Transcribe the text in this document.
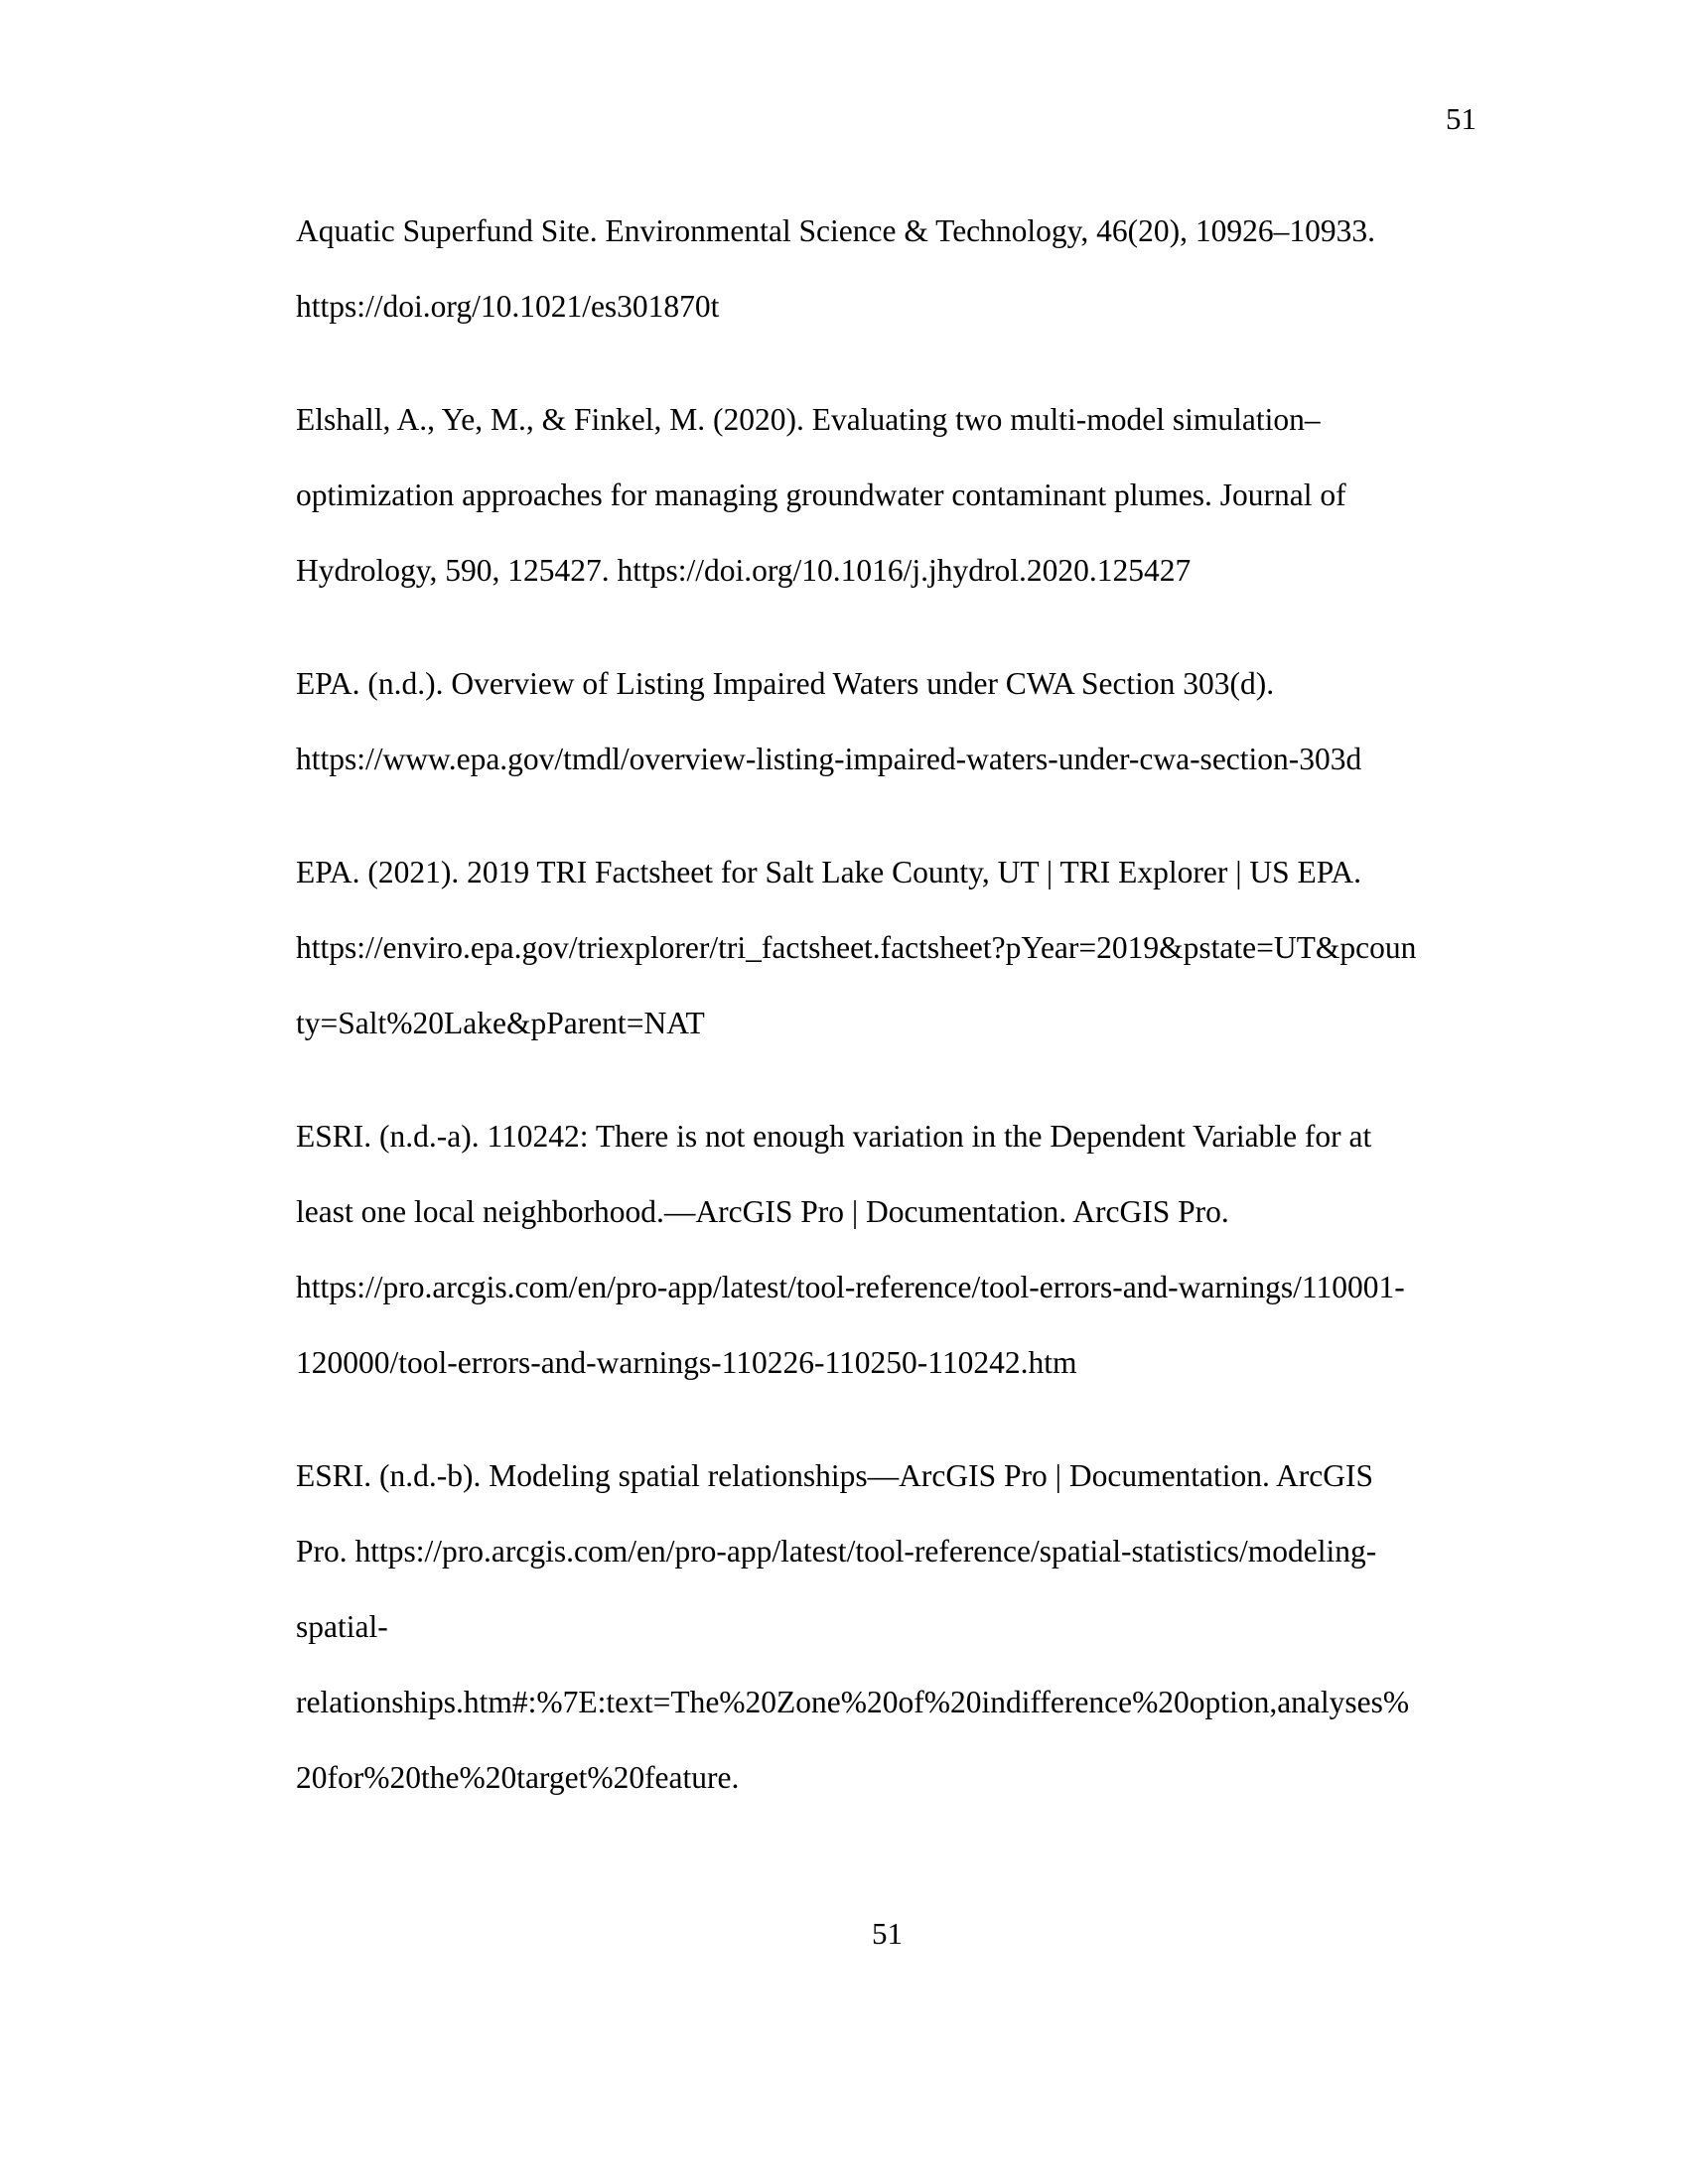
51

Aquatic Superfund Site. Environmental Science & Technology, 46(20), 10926–10933.

https://doi.org/10.1021/es301870t

Elshall, A., Ye, M., & Finkel, M. (2020). Evaluating two multi-model simulation–

optimization approaches for managing groundwater contaminant plumes. Journal of

Hydrology, 590, 125427. https://doi.org/10.1016/j.jhydrol.2020.125427

EPA. (n.d.). Overview of Listing Impaired Waters under CWA Section 303(d).

https://www.epa.gov/tmdl/overview-listing-impaired-waters-under-cwa-section-303d

EPA. (2021). 2019 TRI Factsheet for Salt Lake County, UT | TRI Explorer | US EPA.

https://enviro.epa.gov/triexplorer/tri_factsheet.factsheet?pYear=2019&pstate=UT&pcoun

ty=Salt%20Lake&pParent=NAT

ESRI. (n.d.-a). 110242: There is not enough variation in the Dependent Variable for at

least one local neighborhood.—ArcGIS Pro | Documentation. ArcGIS Pro.

https://pro.arcgis.com/en/pro-app/latest/tool-reference/tool-errors-and-warnings/110001-

120000/tool-errors-and-warnings-110226-110250-110242.htm

ESRI. (n.d.-b). Modeling spatial relationships—ArcGIS Pro | Documentation. ArcGIS

Pro. https://pro.arcgis.com/en/pro-app/latest/tool-reference/spatial-statistics/modeling-

spatial-

relationships.htm#:%7E:text=The%20Zone%20of%20indifference%20option,analyses%

20for%20the%20target%20feature.

51
